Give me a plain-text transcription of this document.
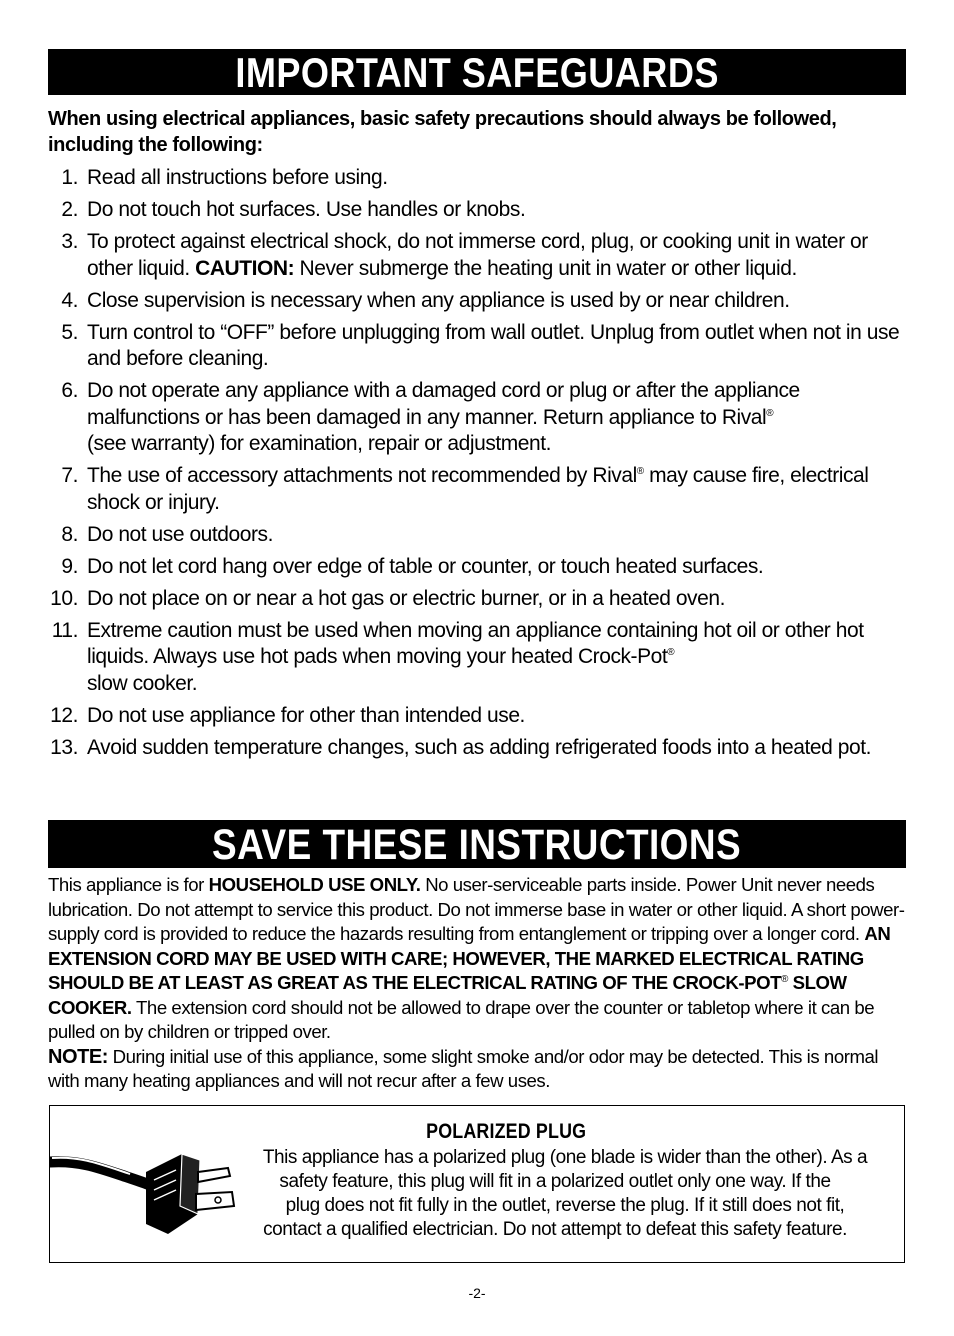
IMPORTANT SAFEGUARDS
When using electrical appliances, basic safety precautions should always be followed, including the following:
1. Read all instructions before using.
2. Do not touch hot surfaces. Use handles or knobs.
3. To protect against electrical shock, do not immerse cord, plug, or cooking unit in water or other liquid. CAUTION: Never submerge the heating unit in water or other liquid.
4. Close supervision is necessary when any appliance is used by or near children.
5. Turn control to “OFF” before unplugging from wall outlet. Unplug from outlet when not in use and before cleaning.
6. Do not operate any appliance with a damaged cord or plug or after the appliance malfunctions or has been damaged in any manner. Return appliance to Rival®
(see warranty) for examination, repair or adjustment.
7. The use of accessory attachments not recommended by Rival® may cause fire, electrical shock or injury.
8. Do not use outdoors.
9. Do not let cord hang over edge of table or counter, or touch heated surfaces.
10. Do not place on or near a hot gas or electric burner, or in a heated oven.
11. Extreme caution must be used when moving an appliance containing hot oil or other hot liquids. Always use hot pads when moving your heated Crock-Pot®
slow cooker.
12. Do not use appliance for other than intended use.
13. Avoid sudden temperature changes, such as adding refrigerated foods into a heated pot.
SAVE THESE INSTRUCTIONS
This appliance is for HOUSEHOLD USE ONLY. No user-serviceable parts inside. Power Unit never needs lubrication. Do not attempt to service this product. Do not immerse base in water or other liquid. A short power-supply cord is provided to reduce the hazards resulting from entanglement or tripping over a longer cord. AN EXTENSION CORD MAY BE USED WITH CARE; HOWEVER, THE MARKED ELECTRICAL RATING SHOULD BE AT LEAST AS GREAT AS THE ELECTRICAL RATING OF THE CROCK-POT® SLOW COOKER. The extension cord should not be allowed to drape over the counter or tabletop where it can be pulled on by children or tripped over.
NOTE: During initial use of this appliance, some slight smoke and/or odor may be detected. This is normal with many heating appliances and will not recur after a few uses.
POLARIZED PLUG
This appliance has a polarized plug (one blade is wider than the other). As a
safety feature, this plug will fit in a polarized outlet only one way. If the
plug does not fit fully in the outlet, reverse the plug. If it still does not fit,
contact a qualified electrician. Do not attempt to defeat this safety feature.
-2-
